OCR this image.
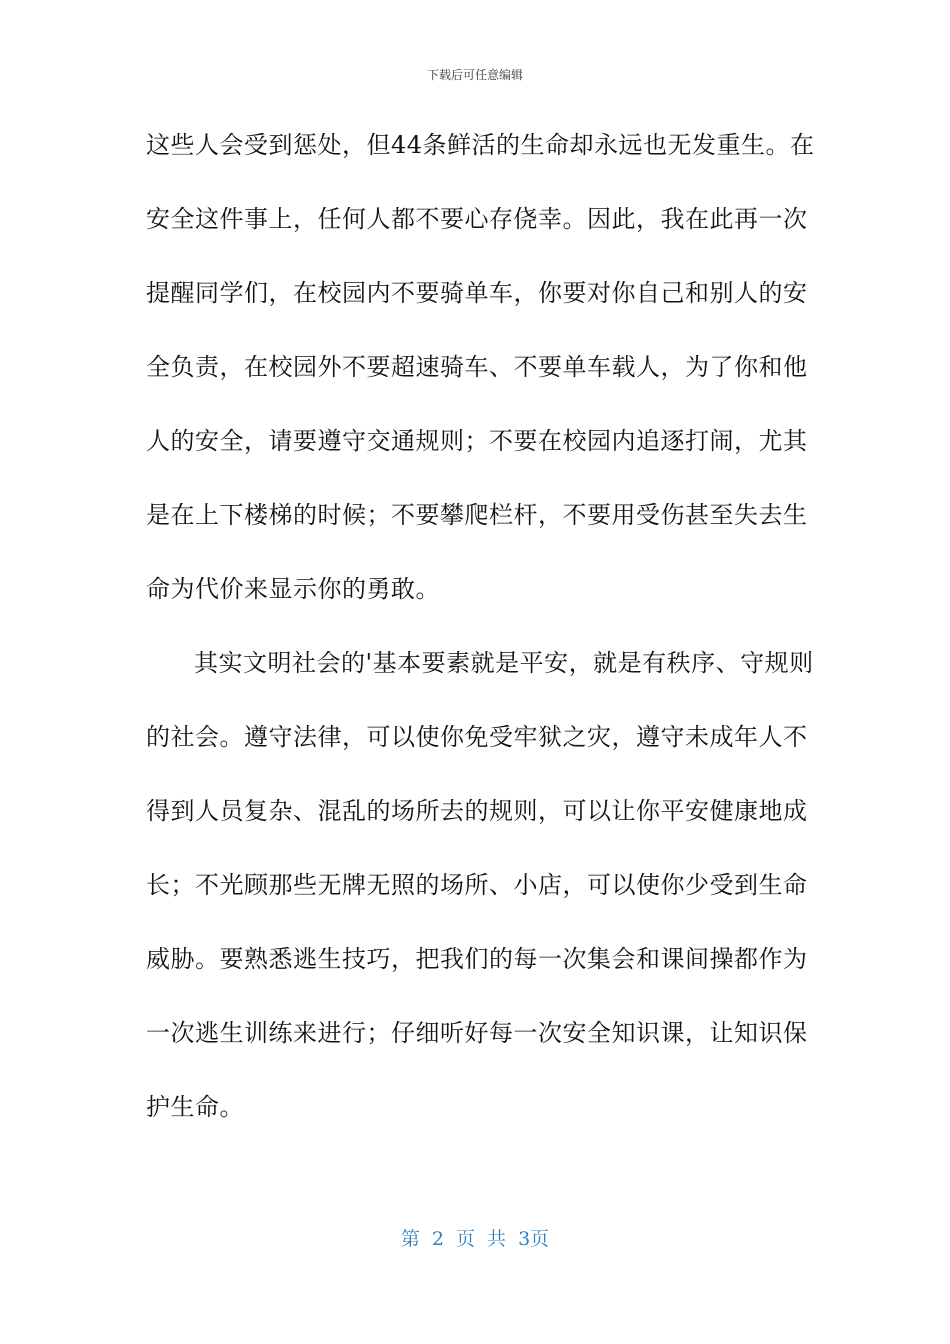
下载后可任意编辑
这些人会受到惩处，但44条鲜活的生命却永远也无发重生。在
安全这件事上，任何人都不要心存侥幸。因此，我在此再一次
提醒同学们，在校园内不要骑单车，你要对你自己和别人的安
全负责，在校园外不要超速骑车、不要单车载人，为了你和他
人的安全，请要遵守交通规则；不要在校园内追逐打闹，尤其
是在上下楼梯的时候；不要攀爬栏杆，不要用受伤甚至失去生
命为代价来显示你的勇敢。
其实文明社会的'基本要素就是平安，就是有秩序、守规则
的社会。遵守法律，可以使你免受牢狱之灾，遵守未成年人不
得到人员复杂、混乱的场所去的规则，可以让你平安健康地成
长；不光顾那些无牌无照的场所、小店，可以使你少受到生命
威胁。要熟悉逃生技巧，把我们的每一次集会和课间操都作为
一次逃生训练来进行；仔细听好每一次安全知识课，让知识保
护生命。
第 2 页 共 3页
